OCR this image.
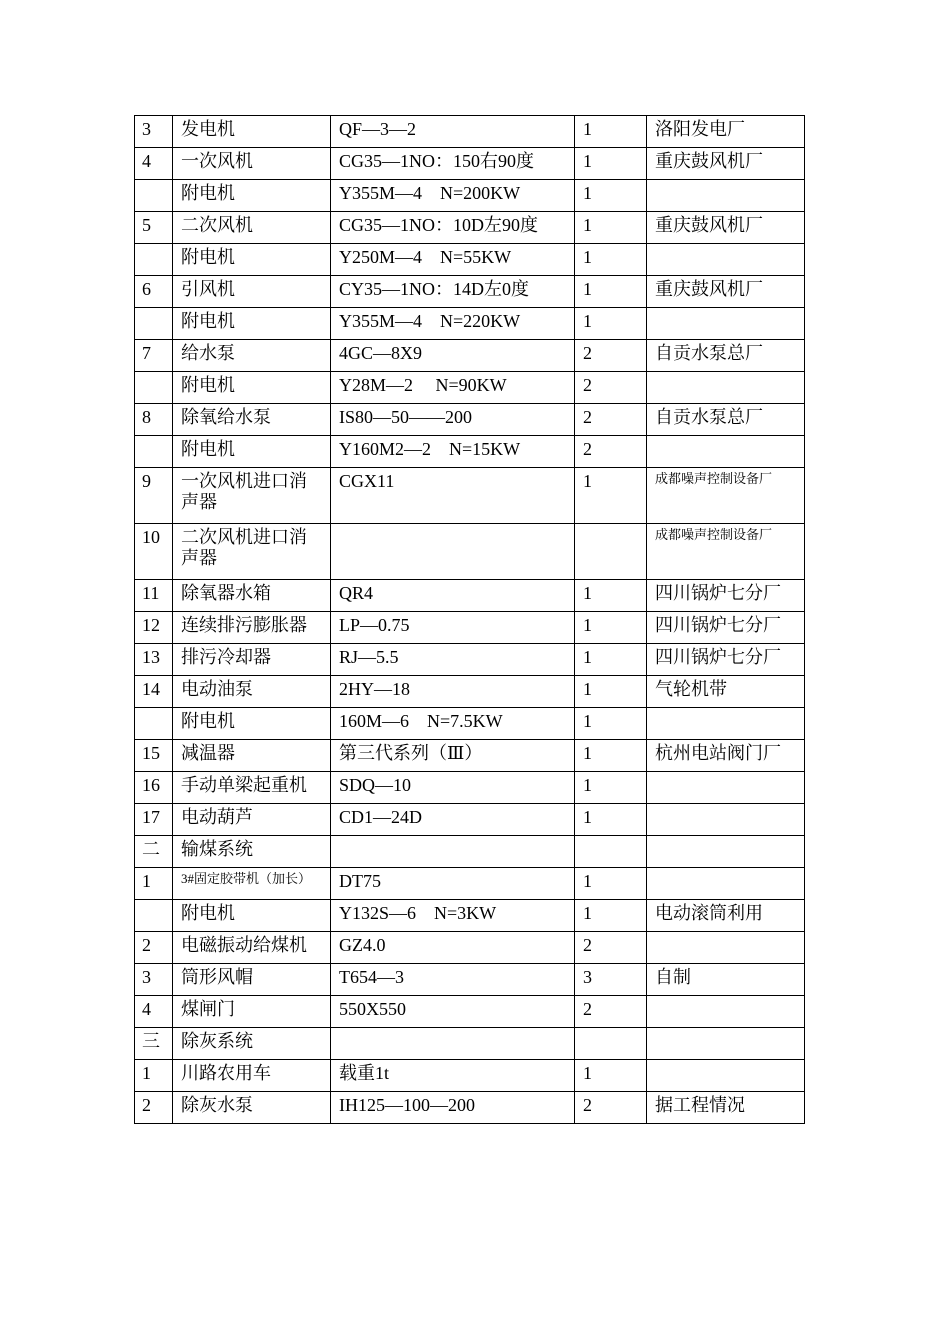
3	发电机	QF—3—2	1	洛阳发电厂
4	一次风机	CG35—1NO：150右90度	1	重庆鼓风机厂
	附电机	Y355M—4　N=200KW	1	
5	二次风机	CG35—1NO：10D左90度	1	重庆鼓风机厂
	附电机	Y250M—4　N=55KW	1	
6	引风机	CY35—1NO：14D左0度	1	重庆鼓风机厂
	附电机	Y355M—4　N=220KW	1	
7	给水泵	4GC—8X9	2	自贡水泵总厂
	附电机	Y28M—2　 N=90KW	2	
8	除氧给水泵	IS80—50——200	2	自贡水泵总厂
	附电机	Y160M2—2　N=15KW	2	
9	一次风机进口消声器	CGX11	1	成都噪声控制设备厂
10	二次风机进口消声器			成都噪声控制设备厂
11	除氧器水箱	QR4	1	四川锅炉七分厂
12	连续排污膨胀器	LP—0.75	1	四川锅炉七分厂
13	排污冷却器	RJ—5.5	1	四川锅炉七分厂
14	电动油泵	2HY—18	1	气轮机带
	附电机	160M—6　N=7.5KW	1	
15	减温器	第三代系列（Ⅲ）	1	杭州电站阀门厂
16	手动单梁起重机	SDQ—10	1	
17	电动葫芦	CD1—24D	1	
二	输煤系统			
1	3#固定胶带机（加长）	DT75	1	
	附电机	Y132S—6　N=3KW	1	电动滚筒利用
2	电磁振动给煤机	GZ4.0	2	
3	筒形风帽	T654—3	3	自制
4	煤闸门	550X550	2	
三	除灰系统			
1	川路农用车	载重1t	1	
2	除灰水泵	IH125—100—200	2	据工程情况
